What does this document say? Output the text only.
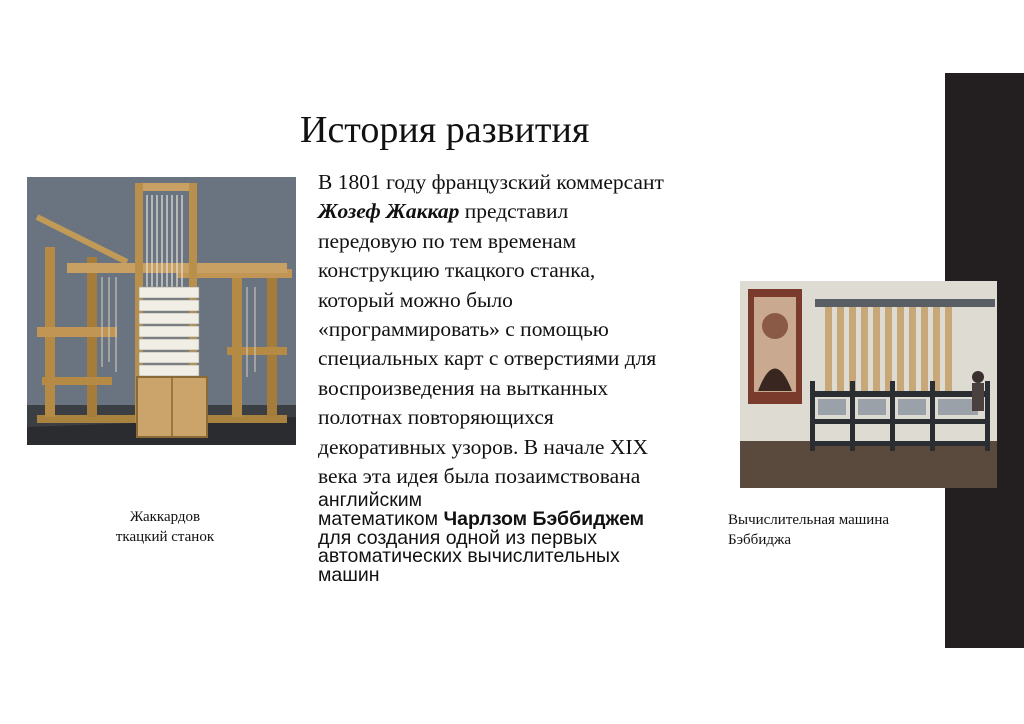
История развития
Жаккардов
ткацкий станок
Вычислительная машина
Бэббиджа
В 1801 году французский коммерсант
Жозеф Жаккар представил
передовую по тем временам
конструкцию ткацкого станка,
который можно было
«программировать» с помощью
специальных карт с отверстиями для
воспроизведения на вытканных
полотнах повторяющихся
декоративных узоров. В начале XIX
века эта идея была позаимствована
английским
математиком Чарлзом Бэббиджем
для создания одной из первых
автоматических вычислительных
машин
